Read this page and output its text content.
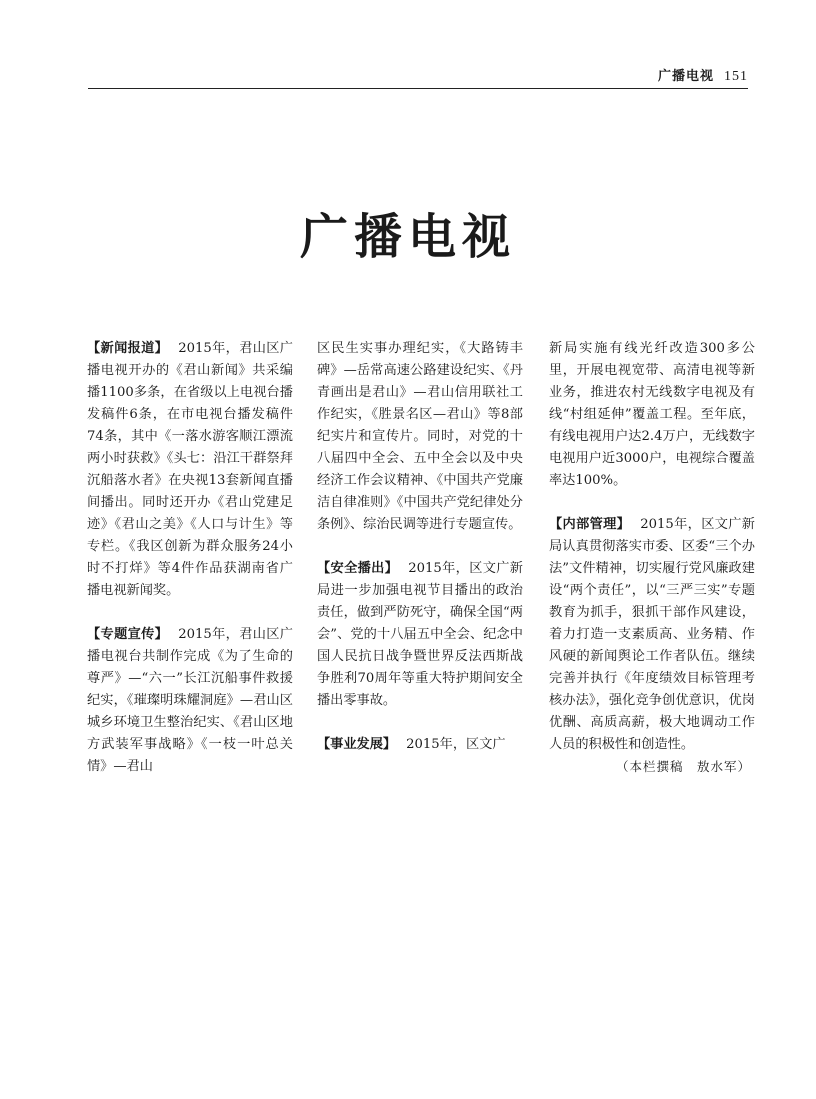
广播电视 151
广播电视

【新闻报道】 2015年，君山区广播电视开办的《君山新闻》共采编播1100多条，在省级以上电视台播发稿件6条，在市电视台播发稿件74条，其中《一落水游客顺江漂流两小时获救》《头七：沿江干群祭拜沉船落水者》在央视13套新闻直播间播出。同时还开办《君山党建足迹》《君山之美》《人口与计生》等专栏。《我区创新为群众服务24小时不打烊》等4件作品获湖南省广播电视新闻奖。

【专题宣传】 2015年，君山区广播电视台共制作完成《为了生命的尊严》—“六一”长江沉船事件救援纪实，《璀璨明珠耀洞庭》—君山区城乡环境卫生整治纪实、《君山区地方武装军事战略》《一枝一叶总关情》—君山

区民生实事办理纪实，《大路铸丰碑》—岳常高速公路建设纪实、《丹青画出是君山》—君山信用联社工作纪实，《胜景名区—君山》等8部纪实片和宣传片。同时，对党的十八届四中全会、五中全会以及中央经济工作会议精神、《中国共产党廉洁自律准则》《中国共产党纪律处分条例》、综治民调等进行专题宣传。

【安全播出】 2015年，区文广新局进一步加强电视节目播出的政治责任，做到严防死守，确保全国“两会”、党的十八届五中全会、纪念中国人民抗日战争暨世界反法西斯战争胜利70周年等重大特护期间安全播出零事故。

【事业发展】 2015年，区文广

新局实施有线光纤改造300多公里，开展电视宽带、高清电视等新业务，推进农村无线数字电视及有线“村组延伸”覆盖工程。至年底，有线电视用户达2.4万户，无线数字电视用户近3000户，电视综合覆盖率达100%。

【内部管理】 2015年，区文广新局认真贯彻落实市委、区委“三个办法”文件精神，切实履行党风廉政建设“两个责任”，以“三严三实”专题教育为抓手，狠抓干部作风建设，着力打造一支素质高、业务精、作风硬的新闻舆论工作者队伍。继续完善并执行《年度绩效目标管理考核办法》，强化竞争创优意识，优岗优酬、高质高薪，极大地调动工作人员的积极性和创造性。

（本栏撰稿　敖水军）
